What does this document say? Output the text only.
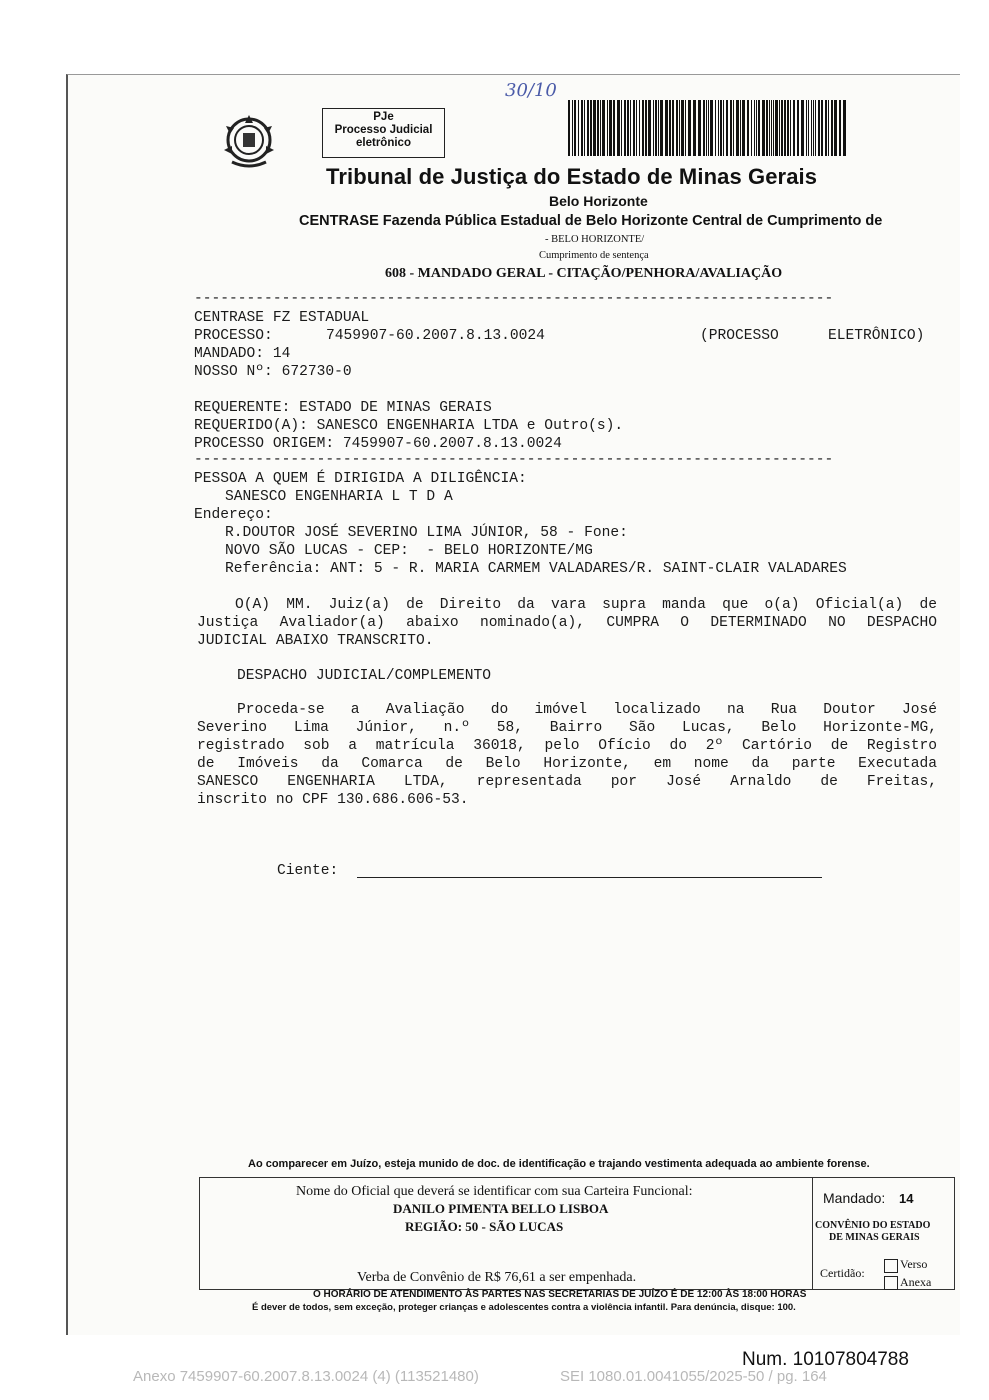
30/10
PJe
Processo Judicial
eletrônico
Tribunal de Justiça do Estado de Minas Gerais
Belo Horizonte
CENTRASE Fazenda Pública Estadual de Belo Horizonte Central de Cumprimento de
- BELO HORIZONTE/
Cumprimento de sentença
608 - MANDADO GERAL - CITAÇÃO/PENHORA/AVALIAÇÃO
-------------------------------------------------------------------------
CENTRASE FZ ESTADUAL
PROCESSO:	7459907-60.2007.8.13.0024	(PROCESSO	ELETRÔNICO)
MANDADO: 14
NOSSO Nº: 672730-0
REQUERENTE: ESTADO DE MINAS GERAIS
REQUERIDO(A): SANESCO ENGENHARIA LTDA e Outro(s).
PROCESSO ORIGEM: 7459907-60.2007.8.13.0024
-------------------------------------------------------------------------
PESSOA A QUEM É DIRIGIDA A DILIGÊNCIA:
SANESCO ENGENHARIA L T D A
Endereço:
R.DOUTOR JOSÉ SEVERINO LIMA JÚNIOR, 58 - Fone:
NOVO SÃO LUCAS - CEP:  - BELO HORIZONTE/MG
Referência: ANT: 5 - R. MARIA CARMEM VALADARES/R. SAINT-CLAIR VALADARES
O(A) MM. Juiz(a) de Direito da vara supra manda que o(a) Oficial(a) de
Justiça Avaliador(a) abaixo nominado(a), CUMPRA O DETERMINADO NO DESPACHO
JUDICIAL ABAIXO TRANSCRITO.
DESPACHO JUDICIAL/COMPLEMENTO
Proceda-se a Avaliação do imóvel localizado na Rua Doutor José
Severino Lima Júnior, n.º 58, Bairro São Lucas, Belo Horizonte-MG,
registrado sob a matrícula 36018, pelo Ofício do 2º Cartório de Registro
de Imóveis da Comarca de Belo Horizonte, em nome da parte Executada
SANESCO ENGENHARIA LTDA, representada por José Arnaldo de Freitas,
inscrito no CPF 130.686.606-53.
Ciente:
Ao comparecer em Juízo, esteja munido de doc. de identificação e trajando vestimenta adequada ao ambiente forense.
Nome do Oficial que deverá se identificar com sua Carteira Funcional:
DANILO PIMENTA BELLO LISBOA
REGIÃO: 50 - SÃO LUCAS
Verba de Convênio de R$ 76,61 a ser empenhada.
Mandado: 14
CONVÊNIO DO ESTADO
DE MINAS GERAIS
Certidão:
Verso
Anexa
O HORÁRIO DE ATENDIMENTO ÀS PARTES NAS SECRETARIAS DE JUÍZO É DE 12:00 ÀS 18:00 HORAS
É dever de todos, sem exceção, proteger crianças e adolescentes contra a violência infantil. Para denúncia, disque: 100.
Num. 10107804788
Anexo 7459907-60.2007.8.13.0024 (4) (113521480)	SEI 1080.01.0041055/2025-50 / pg. 164
